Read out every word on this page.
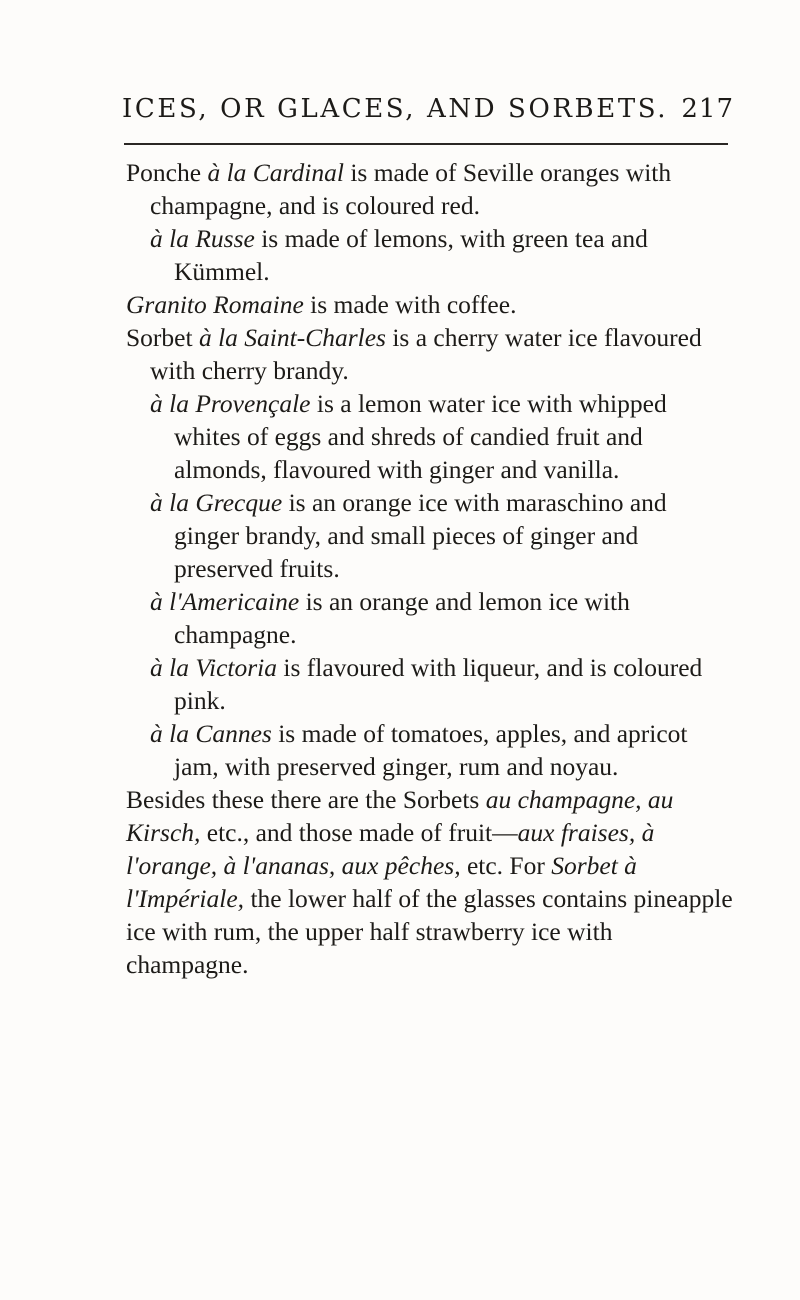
ICES, OR GLACES, AND SORBETS. 217

Ponche à la Cardinal is made of Seville oranges with champagne, and is coloured red.

à la Russe is made of lemons, with green tea and Kümmel.

Granito Romaine is made with coffee.

Sorbet à la Saint-Charles is a cherry water ice flavoured with cherry brandy.

à la Provençale is a lemon water ice with whipped whites of eggs and shreds of candied fruit and almonds, flavoured with ginger and vanilla.

à la Grecque is an orange ice with maraschino and ginger brandy, and small pieces of ginger and preserved fruits.

à l'Americaine is an orange and lemon ice with champagne.

à la Victoria is flavoured with liqueur, and is coloured pink.

à la Cannes is made of tomatoes, apples, and apricot jam, with preserved ginger, rum and noyau.

Besides these there are the Sorbets au champagne, au Kirsch, etc., and those made of fruit—aux fraises, à l'orange, à l'ananas, aux pêches, etc. For Sorbet à l'Impériale, the lower half of the glasses contains pineapple ice with rum, the upper half strawberry ice with champagne.
